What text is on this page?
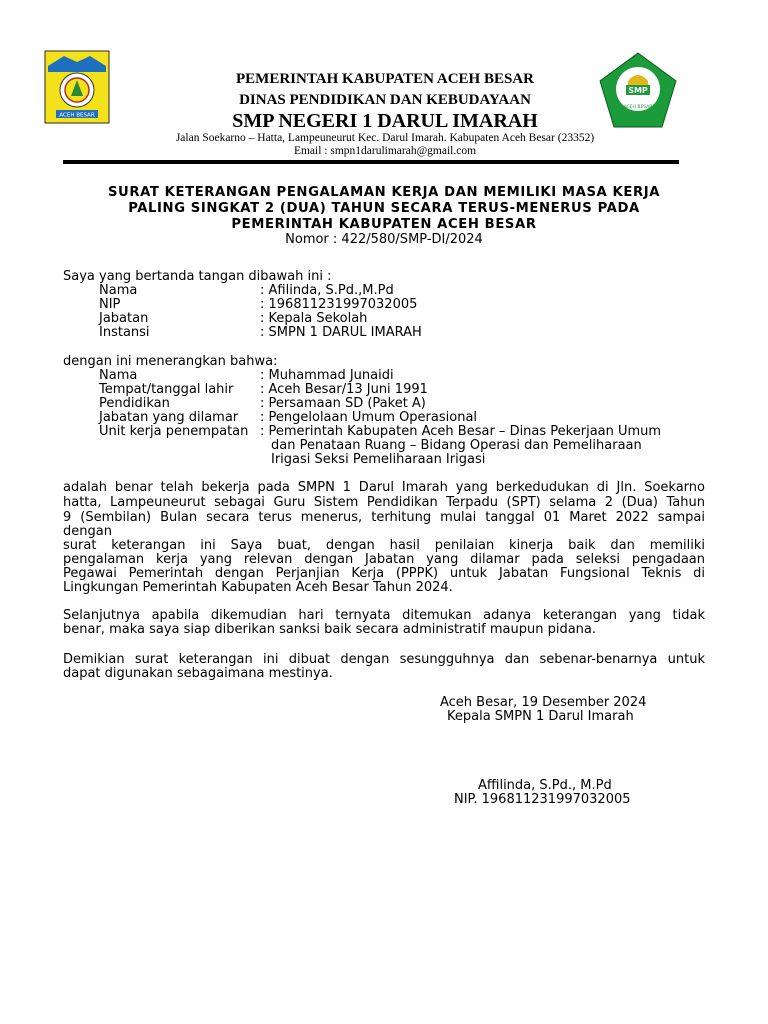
ACEH BESAR
SMP
ACEH BESAR
PEMERINTAH KABUPATEN ACEH BESAR
DINAS PENDIDIKAN DAN KEBUDAYAAN
SMP NEGERI 1 DARUL IMARAH
Jalan Soekarno – Hatta, Lampeuneurut Kec. Darul Imarah. Kabupaten Aceh Besar (23352)
Email : smpn1darulimarah@gmail.com
SURAT KETERANGAN PENGALAMAN KERJA DAN MEMILIKI MASA KERJA
PALING SINGKAT 2 (DUA) TAHUN SECARA TERUS-MENERUS PADA
PEMERINTAH KABUPATEN ACEH BESAR
Nomor : 422/580/SMP-DI/2024
Saya yang bertanda tangan dibawah ini :
Nama	: Afilinda, S.Pd.,M.Pd
NIP	: 196811231997032005
Jabatan	: Kepala Sekolah
Instansi	: SMPN 1 DARUL IMARAH
dengan ini menerangkan bahwa:
Nama	: Muhammad Junaidi
Tempat/tanggal lahir : Aceh Besar/13 Juni 1991
Pendidikan	: Persamaan SD (Paket A)
Jabatan yang dilamar : Pengelolaan Umum Operasional
Unit kerja penempatan : Pemerintah Kabupaten Aceh Besar – Dinas Pekerjaan Umum
dan Penataan Ruang – Bidang Operasi dan Pemeliharaan
Irigasi Seksi Pemeliharaan Irigasi
adalah benar telah bekerja pada SMPN 1 Darul Imarah yang berkedudukan di Jln. Soekarno
hatta, Lampeuneurut sebagai Guru Sistem Pendidikan Terpadu (SPT) selama 2 (Dua) Tahun
9 (Sembilan) Bulan secara terus menerus, terhitung mulai tanggal 01 Maret 2022 sampai
dengan
surat keterangan ini Saya buat, dengan hasil penilaian kinerja baik dan memiliki
pengalaman kerja yang relevan dengan Jabatan yang dilamar pada seleksi pengadaan
Pegawai Pemerintah dengan Perjanjian Kerja (PPPK) untuk Jabatan Fungsional Teknis di
Lingkungan Pemerintah Kabupaten Aceh Besar Tahun 2024.
Selanjutnya apabila dikemudian hari ternyata ditemukan adanya keterangan yang tidak
benar, maka saya siap diberikan sanksi baik secara administratif maupun pidana.
Demikian surat keterangan ini dibuat dengan sesungguhnya dan sebenar-benarnya untuk
dapat digunakan sebagaimana mestinya.
Aceh Besar, 19 Desember 2024
Kepala SMPN 1 Darul Imarah
Affilinda, S.Pd., M.Pd
NIP. 196811231997032005
